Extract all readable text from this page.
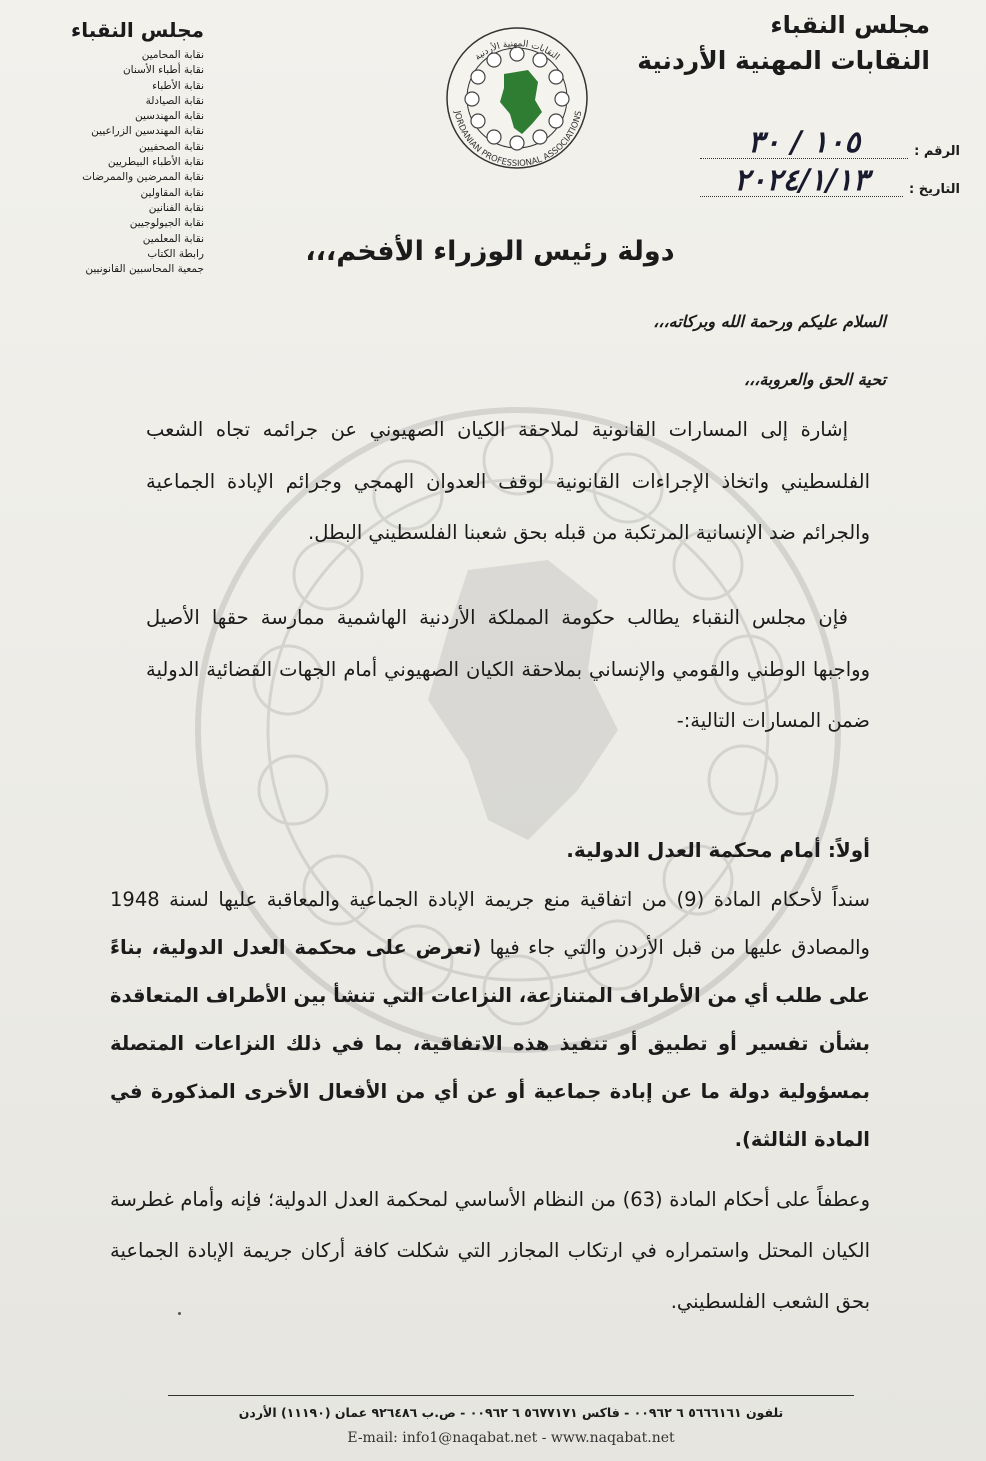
مجلس النقباء
النقابات المهنية الأردنية
الرقم :
١٠٥ / ٣٠
التاريخ :
٢٠٢٤/١/١٣
النقابات المهنية الأردنية
JORDANIAN PROFESSIONAL ASSOCIATIONS
مجلس النقباء
نقابة المحامين
نقابة أطباء الأسنان
نقابة الأطباء
نقابة الصيادلة
نقابة المهندسين
نقابة المهندسين الزراعيين
نقابة الصحفيين
نقابة الأطباء البيطريين
نقابة الممرضين والممرضات
نقابة المقاولين
نقابة الفنانين
نقابة الجيولوجيين
نقابة المعلمين
رابطة الكتاب
جمعية المحاسبين القانونيين
دولة رئيس الوزراء الأفخم،،،
السلام عليكم ورحمة الله وبركاته،،،
تحية الحق والعروبة،،،

إشارة إلى المسارات القانونية لملاحقة الكيان الصهيوني عن جرائمه تجاه الشعب الفلسطيني واتخاذ الإجراءات القانونية لوقف العدوان الهمجي وجرائم الإبادة الجماعية والجرائم ضد الإنسانية المرتكبة من قبله بحق شعبنا الفلسطيني البطل.

فإن مجلس النقباء يطالب حكومة المملكة الأردنية الهاشمية ممارسة حقها الأصيل وواجبها الوطني والقومي والإنساني بملاحقة الكيان الصهيوني أمام الجهات القضائية الدولية ضمن المسارات التالية:-

أولاً: أمام محكمة العدل الدولية.
سنداً لأحكام المادة (9) من اتفاقية منع جريمة الإبادة الجماعية والمعاقبة عليها لسنة 1948 والمصادق عليها من قبل الأردن والتي جاء فيها (تعرض على محكمة العدل الدولية، بناءً على طلب أي من الأطراف المتنازعة، النزاعات التي تنشأ بين الأطراف المتعاقدة بشأن تفسير أو تطبيق أو تنفيذ هذه الاتفاقية، بما في ذلك النزاعات المتصلة بمسؤولية دولة ما عن إبادة جماعية أو عن أي من الأفعال الأخرى المذكورة في المادة الثالثة).
وعطفاً على أحكام المادة (63) من النظام الأساسي لمحكمة العدل الدولية؛ فإنه وأمام غطرسة الكيان المحتل واستمراره في ارتكاب المجازر التي شكلت كافة أركان جريمة الإبادة الجماعية بحق الشعب الفلسطيني.
تلفون ٥٦٦٦١٦١ ٦ ٠٠٩٦٢ - فاكس ٥٦٧٧١٧١ ٦ ٠٠٩٦٢ - ص.ب ٩٢٦٤٨٦ عمان (١١١٩٠) الأردن
E-mail: info1@naqabat.net - www.naqabat.net
